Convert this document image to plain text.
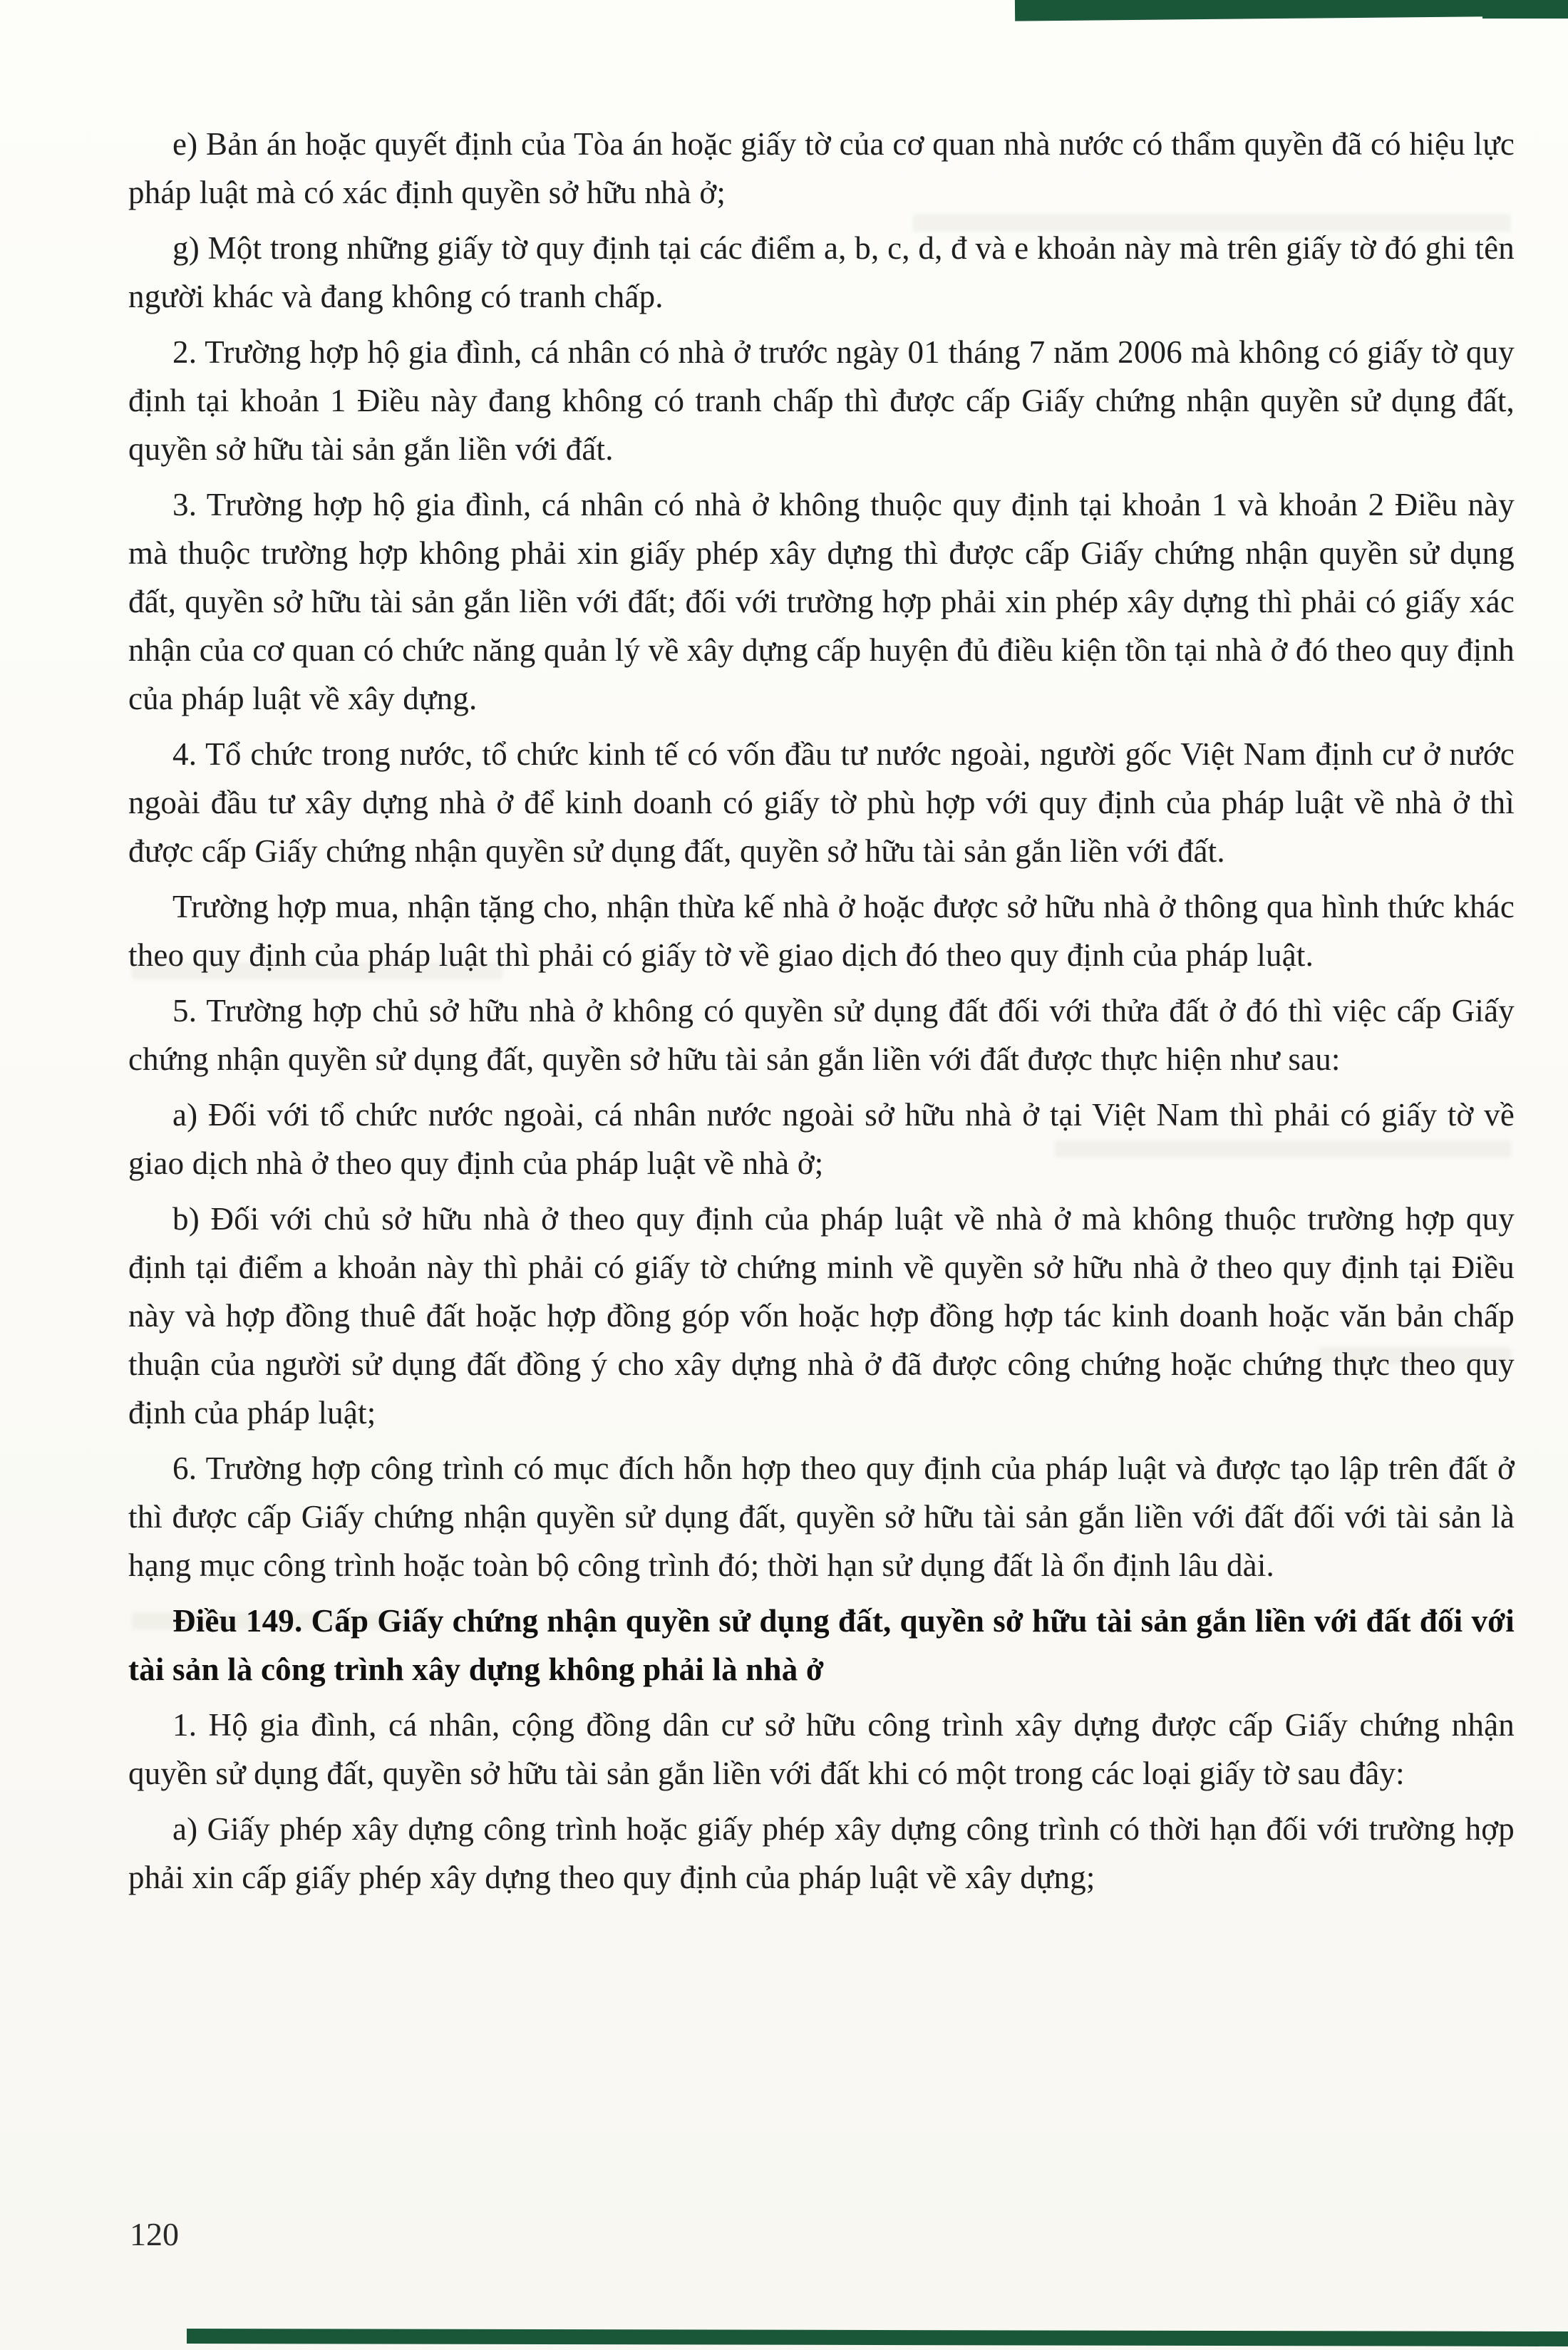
e) Bản án hoặc quyết định của Tòa án hoặc giấy tờ của cơ quan nhà nước có thẩm quyền đã có hiệu lực pháp luật mà có xác định quyền sở hữu nhà ở;

g) Một trong những giấy tờ quy định tại các điểm a, b, c, d, đ và e khoản này mà trên giấy tờ đó ghi tên người khác và đang không có tranh chấp.

2. Trường hợp hộ gia đình, cá nhân có nhà ở trước ngày 01 tháng 7 năm 2006 mà không có giấy tờ quy định tại khoản 1 Điều này đang không có tranh chấp thì được cấp Giấy chứng nhận quyền sử dụng đất, quyền sở hữu tài sản gắn liền với đất.

3. Trường hợp hộ gia đình, cá nhân có nhà ở không thuộc quy định tại khoản 1 và khoản 2 Điều này mà thuộc trường hợp không phải xin giấy phép xây dựng thì được cấp Giấy chứng nhận quyền sử dụng đất, quyền sở hữu tài sản gắn liền với đất; đối với trường hợp phải xin phép xây dựng thì phải có giấy xác nhận của cơ quan có chức năng quản lý về xây dựng cấp huyện đủ điều kiện tồn tại nhà ở đó theo quy định của pháp luật về xây dựng.

4. Tổ chức trong nước, tổ chức kinh tế có vốn đầu tư nước ngoài, người gốc Việt Nam định cư ở nước ngoài đầu tư xây dựng nhà ở để kinh doanh có giấy tờ phù hợp với quy định của pháp luật về nhà ở thì được cấp Giấy chứng nhận quyền sử dụng đất, quyền sở hữu tài sản gắn liền với đất.

Trường hợp mua, nhận tặng cho, nhận thừa kế nhà ở hoặc được sở hữu nhà ở thông qua hình thức khác theo quy định của pháp luật thì phải có giấy tờ về giao dịch đó theo quy định của pháp luật.

5. Trường hợp chủ sở hữu nhà ở không có quyền sử dụng đất đối với thửa đất ở đó thì việc cấp Giấy chứng nhận quyền sử dụng đất, quyền sở hữu tài sản gắn liền với đất được thực hiện như sau:

a) Đối với tổ chức nước ngoài, cá nhân nước ngoài sở hữu nhà ở tại Việt Nam thì phải có giấy tờ về giao dịch nhà ở theo quy định của pháp luật về nhà ở;

b) Đối với chủ sở hữu nhà ở theo quy định của pháp luật về nhà ở mà không thuộc trường hợp quy định tại điểm a khoản này thì phải có giấy tờ chứng minh về quyền sở hữu nhà ở theo quy định tại Điều này và hợp đồng thuê đất hoặc hợp đồng góp vốn hoặc hợp đồng hợp tác kinh doanh hoặc văn bản chấp thuận của người sử dụng đất đồng ý cho xây dựng nhà ở đã được công chứng hoặc chứng thực theo quy định của pháp luật;

6. Trường hợp công trình có mục đích hỗn hợp theo quy định của pháp luật và được tạo lập trên đất ở thì được cấp Giấy chứng nhận quyền sử dụng đất, quyền sở hữu tài sản gắn liền với đất đối với tài sản là hạng mục công trình hoặc toàn bộ công trình đó; thời hạn sử dụng đất là ổn định lâu dài.

Điều 149. Cấp Giấy chứng nhận quyền sử dụng đất, quyền sở hữu tài sản gắn liền với đất đối với tài sản là công trình xây dựng không phải là nhà ở

1. Hộ gia đình, cá nhân, cộng đồng dân cư sở hữu công trình xây dựng được cấp Giấy chứng nhận quyền sử dụng đất, quyền sở hữu tài sản gắn liền với đất khi có một trong các loại giấy tờ sau đây:

a) Giấy phép xây dựng công trình hoặc giấy phép xây dựng công trình có thời hạn đối với trường hợp phải xin cấp giấy phép xây dựng theo quy định của pháp luật về xây dựng;

120
